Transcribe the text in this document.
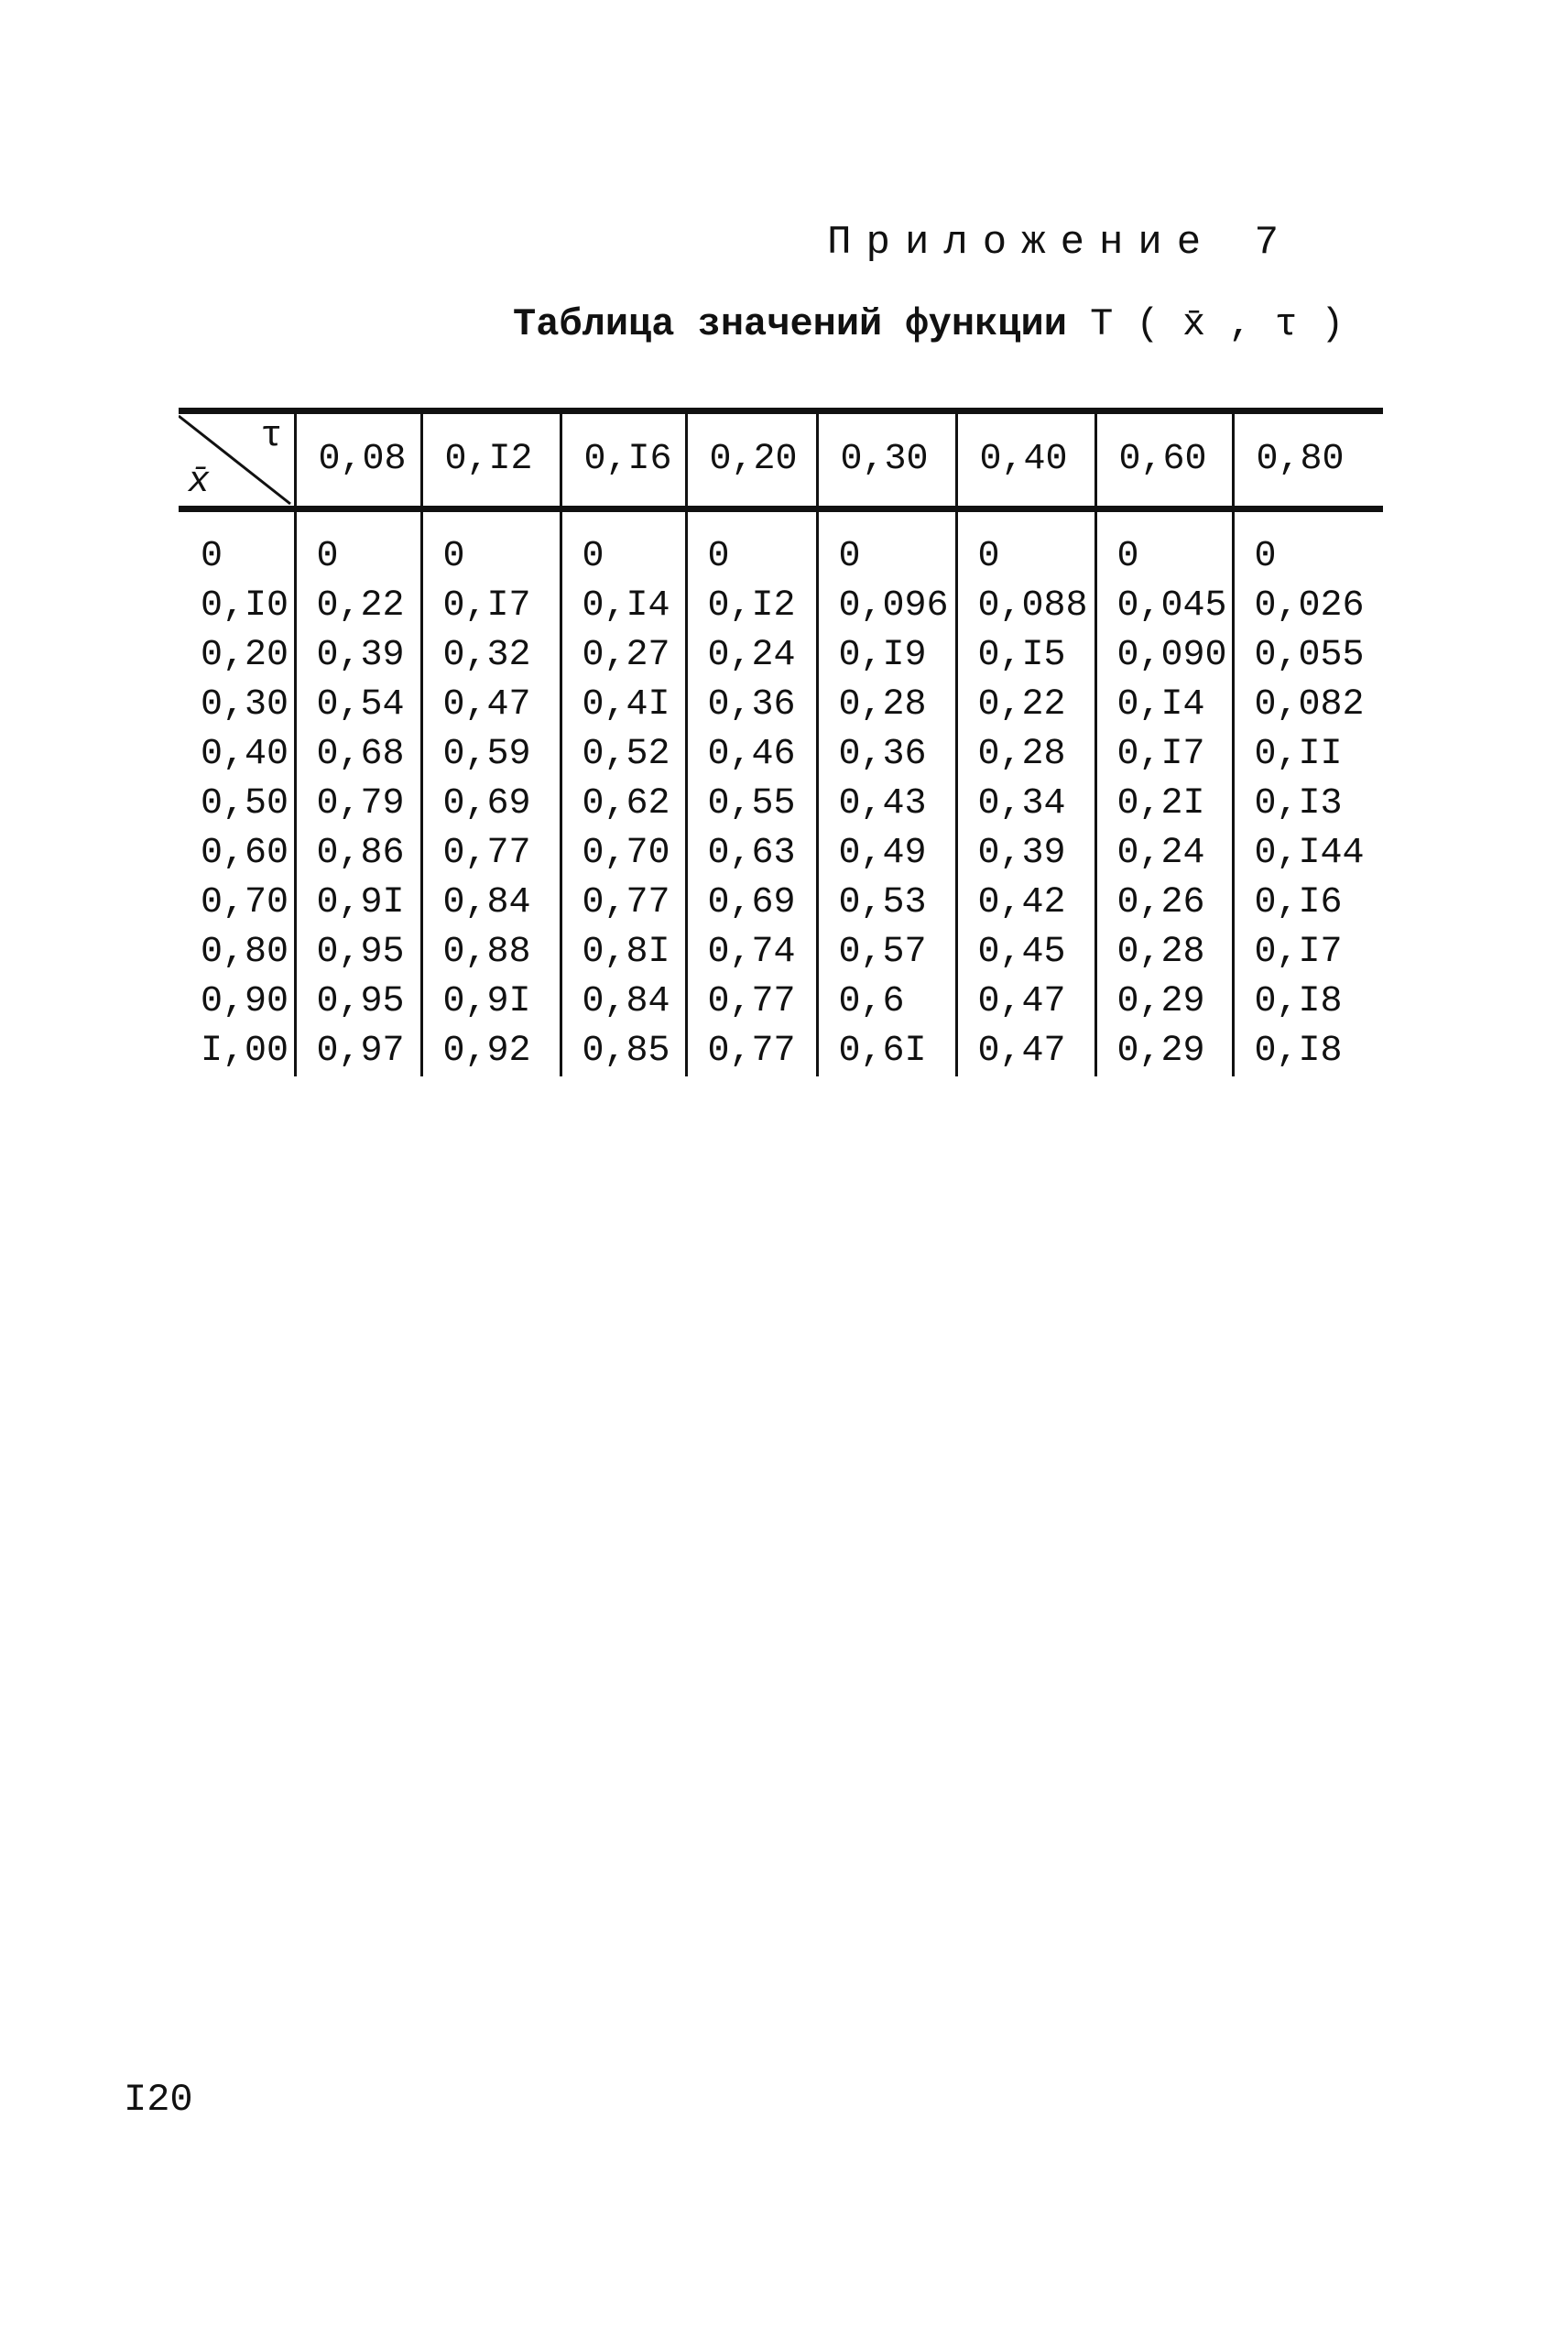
Приложение 7
Таблица значений функции T ( x̄ , τ )
τ
x̄	0,08	0,I2	0,I6	0,20	0,30	0,40	0,60	0,80
0	0	0	0	0	0	0	0	0
0,I0	0,22	0,I7	0,I4	0,I2	0,096	0,088	0,045	0,026
0,20	0,39	0,32	0,27	0,24	0,I9	0,I5	0,090	0,055
0,30	0,54	0,47	0,4I	0,36	0,28	0,22	0,I4	0,082
0,40	0,68	0,59	0,52	0,46	0,36	0,28	0,I7	0,II
0,50	0,79	0,69	0,62	0,55	0,43	0,34	0,2I	0,I3
0,60	0,86	0,77	0,70	0,63	0,49	0,39	0,24	0,I44
0,70	0,9I	0,84	0,77	0,69	0,53	0,42	0,26	0,I6
0,80	0,95	0,88	0,8I	0,74	0,57	0,45	0,28	0,I7
0,90	0,95	0,9I	0,84	0,77	0,6	0,47	0,29	0,I8
I,00	0,97	0,92	0,85	0,77	0,6I	0,47	0,29	0,I8
I20
